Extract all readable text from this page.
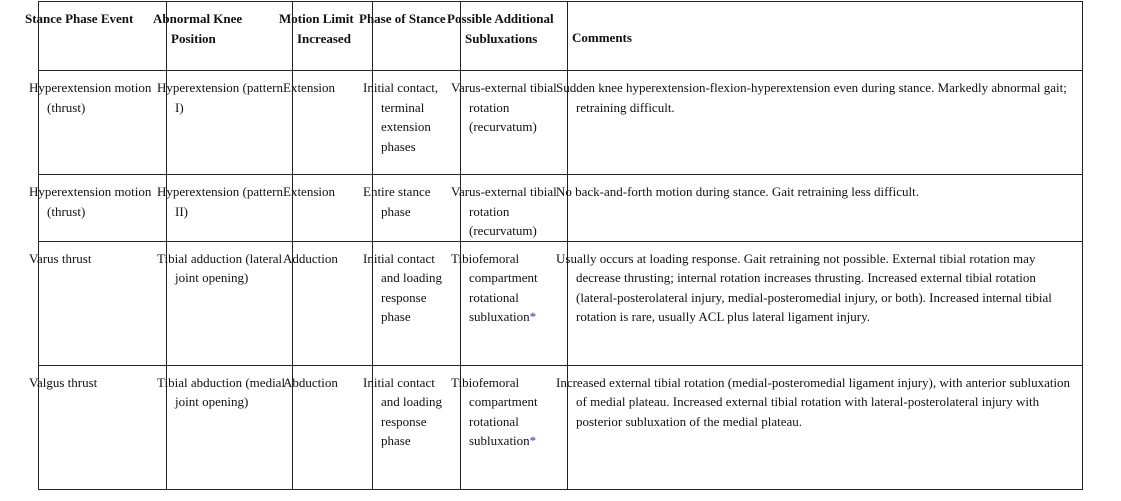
Stance Phase Event	Abnormal Knee Position	Motion Limit Increased	Phase of Stance	Possible Additional Subluxations	Comments
Hyperextension motion (thrust)	Hyperextension (pattern I)	Extension	Initial contact, terminal extension phases	Varus-external tibial rotation (recurvatum)	Sudden knee hyperextension-flexion-hyperextension even during stance. Markedly abnormal gait; retraining difficult.
Hyperextension motion (thrust)	Hyperextension (pattern II)	Extension	Entire stance phase	Varus-external tibial rotation (recurvatum)	No back-and-forth motion during stance. Gait retraining less difficult.
Varus thrust	Tibial adduction (lateral joint opening)	Adduction	Initial contact and loading response phase	Tibiofemoral compartment rotational subluxation*	Usually occurs at loading response. Gait retraining not possible. External tibial rotation may decrease thrusting; internal rotation increases thrusting. Increased external tibial rotation (lateral-posterolateral injury, medial-posteromedial injury, or both). Increased internal tibial rotation is rare, usually ACL plus lateral ligament injury.
Valgus thrust	Tibial abduction (medial joint opening)	Abduction	Initial contact and loading response phase	Tibiofemoral compartment rotational subluxation*	Increased external tibial rotation (medial-posteromedial ligament injury), with anterior subluxation of medial plateau. Increased external tibial rotation with lateral-posterolateral injury with posterior subluxation of the medial plateau.
